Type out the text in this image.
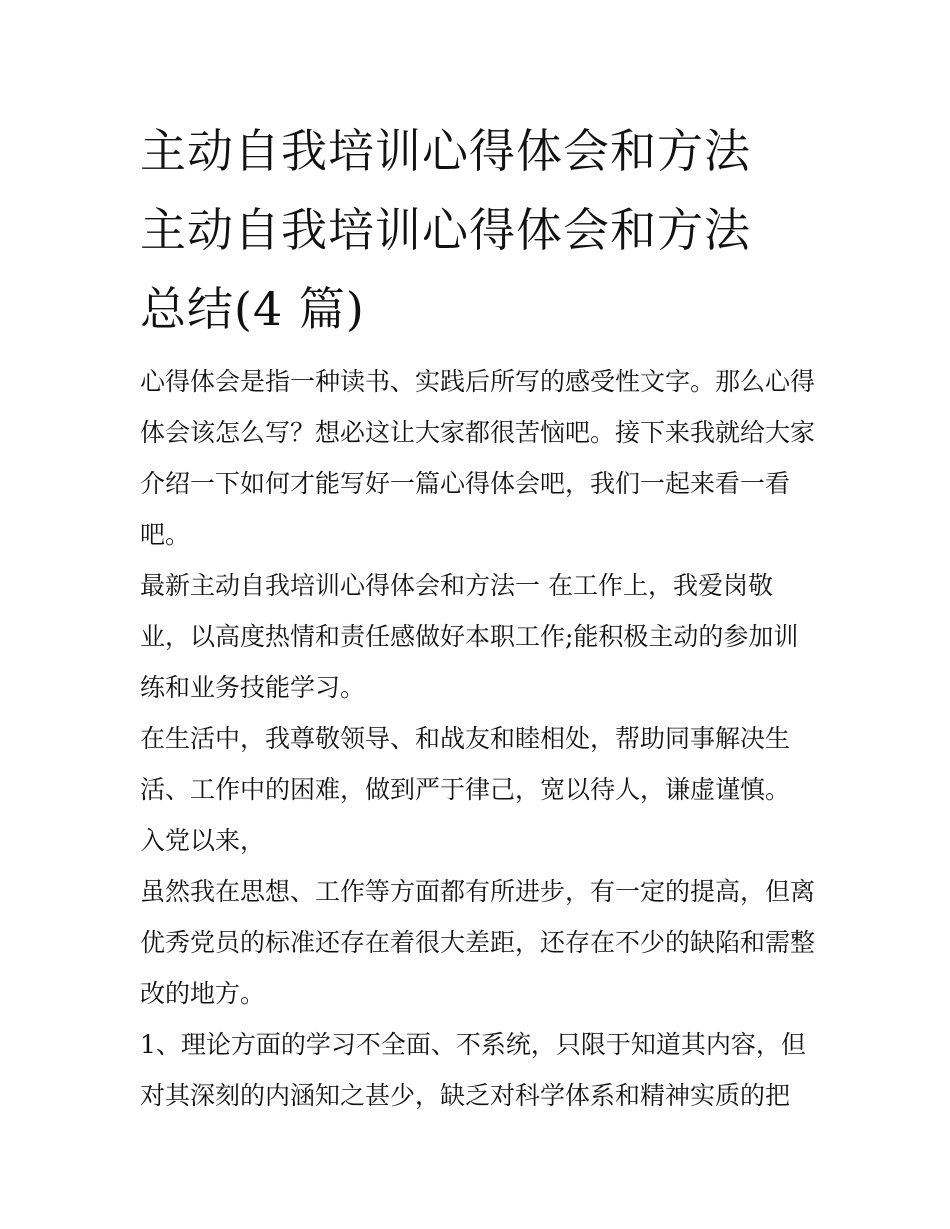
主动自我培训心得体会和方法
主动自我培训心得体会和方法
总结(4 篇)
心得体会是指一种读书、实践后所写的感受性文字。那么心得
体会该怎么写？想必这让大家都很苦恼吧。接下来我就给大家
介绍一下如何才能写好一篇心得体会吧，我们一起来看一看
吧。
最新主动自我培训心得体会和方法一 在工作上，我爱岗敬
业，以高度热情和责任感做好本职工作;能积极主动的参加训
练和业务技能学习。
在生活中，我尊敬领导、和战友和睦相处，帮助同事解决生
活、工作中的困难，做到严于律己，宽以待人，谦虚谨慎。
入党以来，
虽然我在思想、工作等方面都有所进步，有一定的提高，但离
优秀党员的标准还存在着很大差距，还存在不少的缺陷和需整
改的地方。
1、理论方面的学习不全面、不系统，只限于知道其内容，但
对其深刻的内涵知之甚少，缺乏对科学体系和精神实质的把
